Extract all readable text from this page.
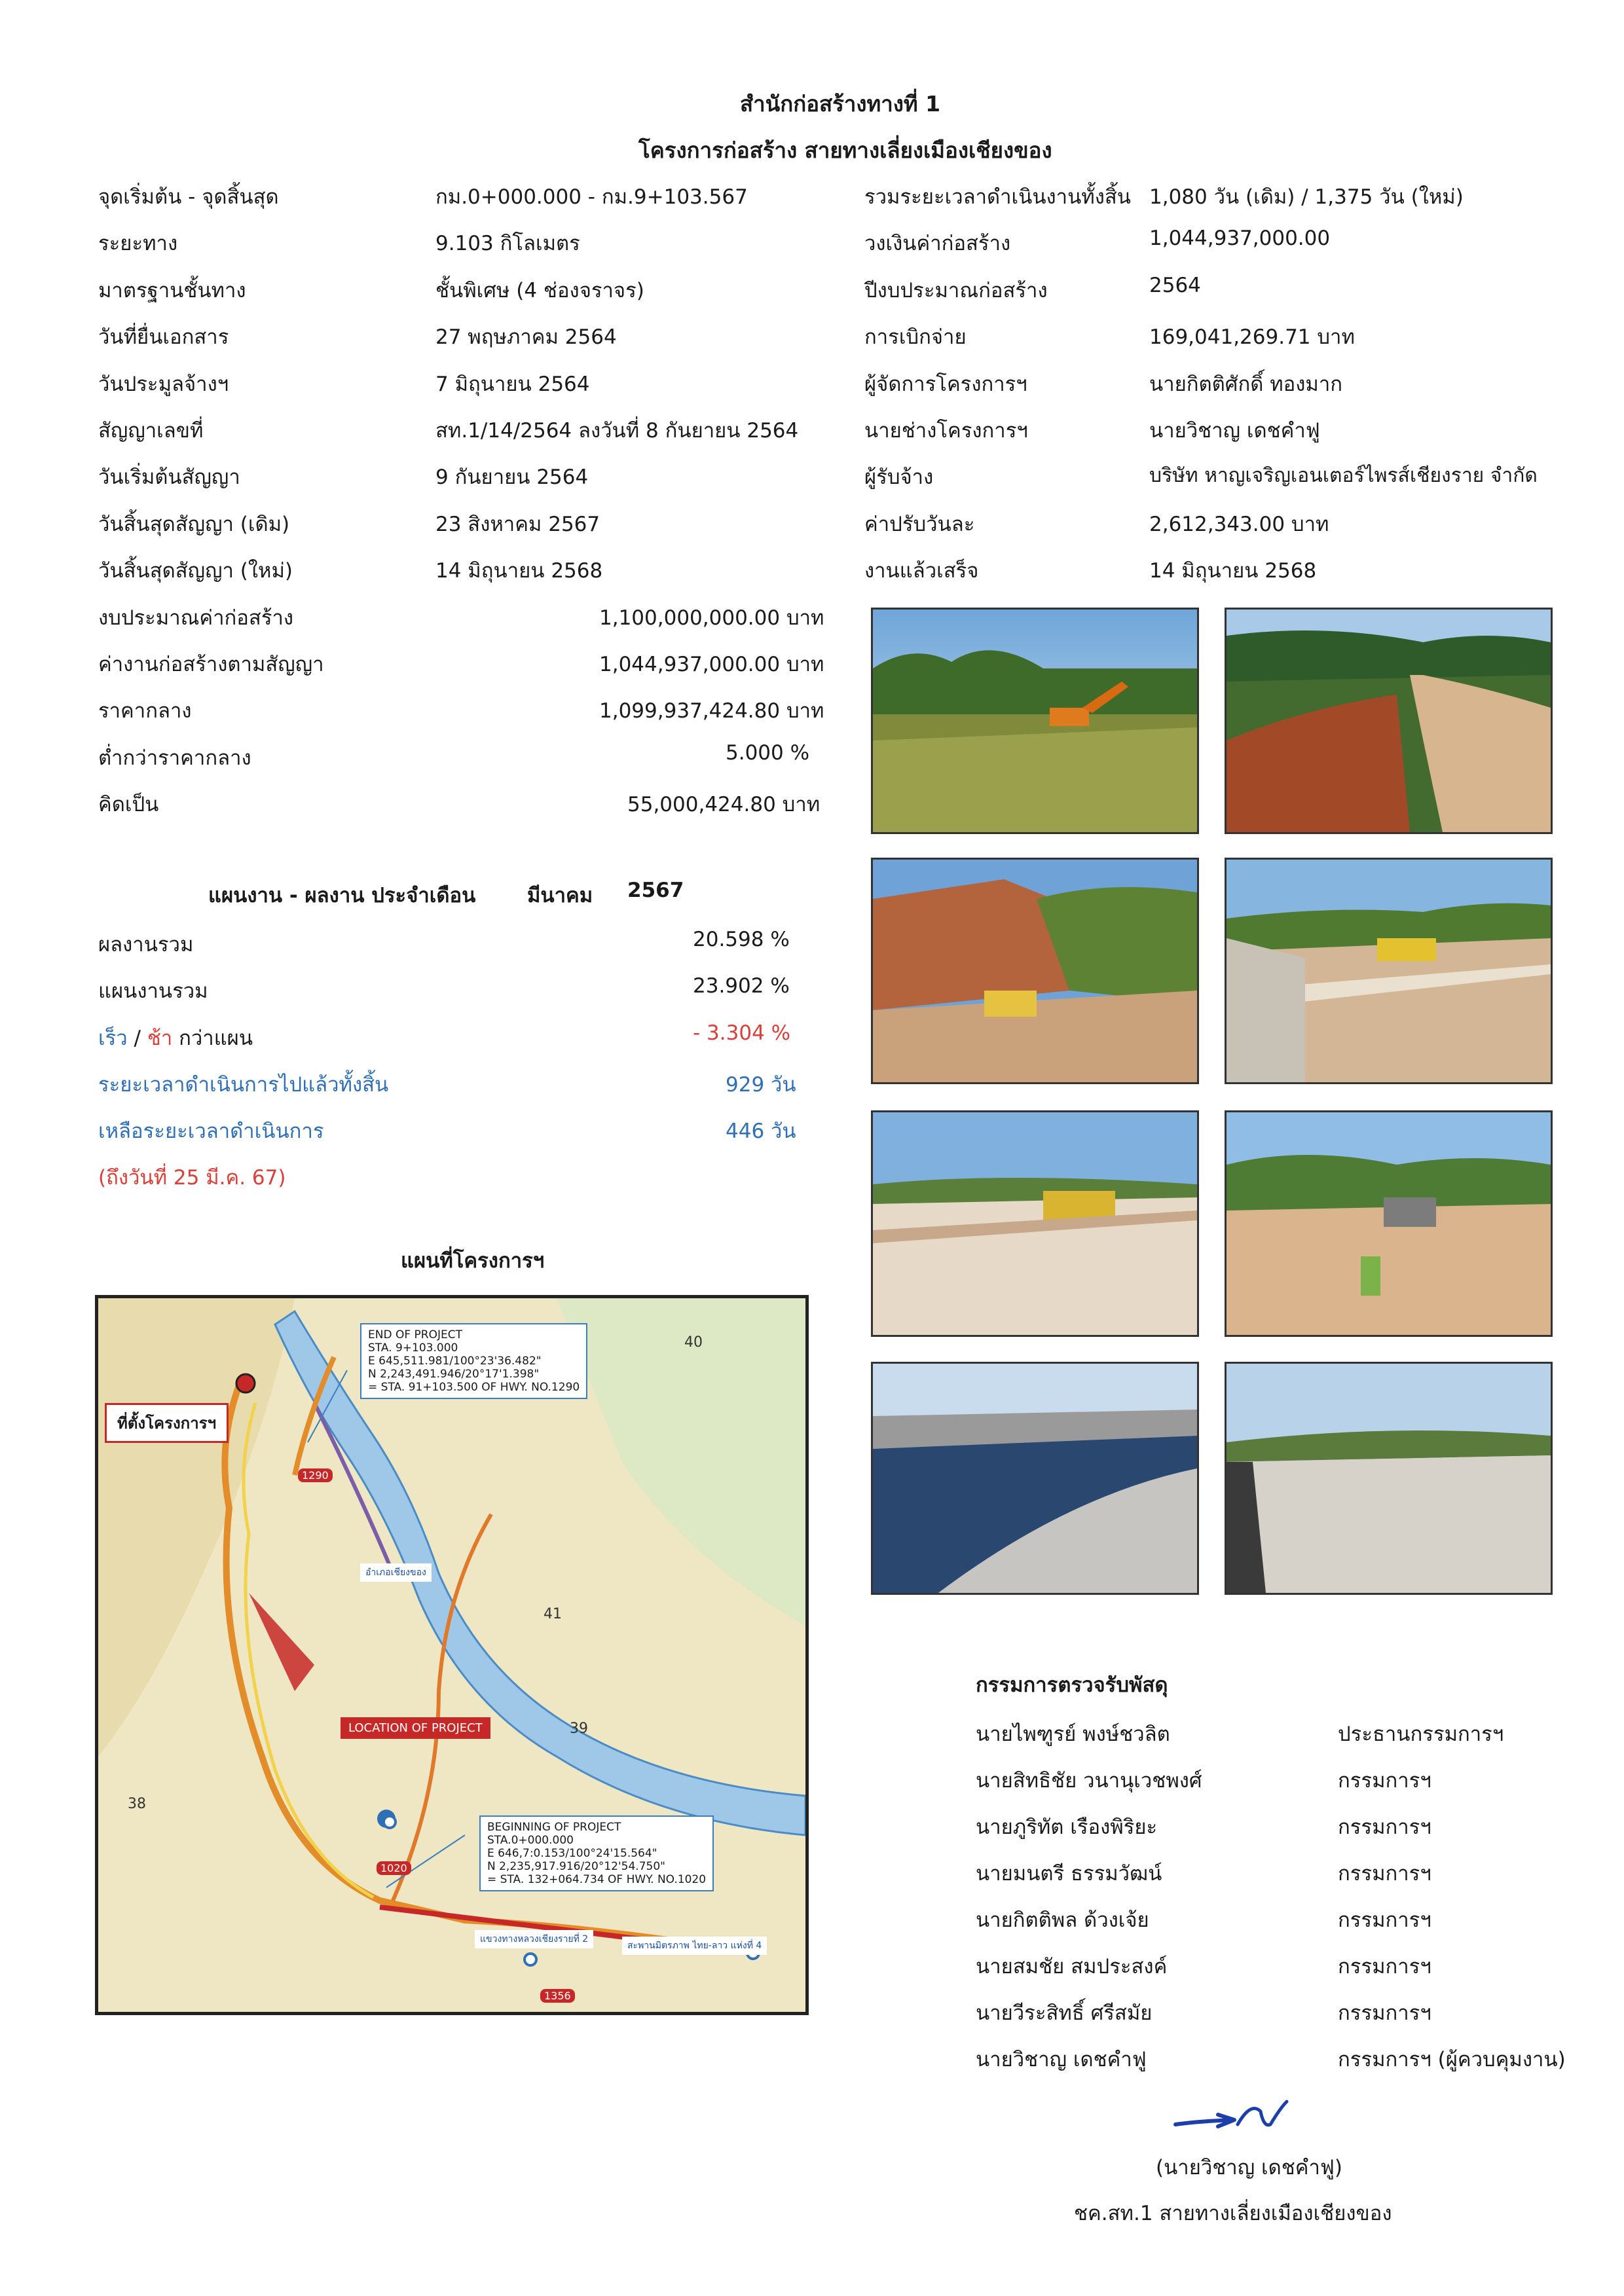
สำนักก่อสร้างทางที่ 1
โครงการก่อสร้าง สายทางเลี่ยงเมืองเชียงของ
จุดเริ่มต้น - จุดสิ้นสุด	กม.0+000.000 - กม.9+103.567
ระยะทาง	9.103 กิโลเมตร
มาตรฐานชั้นทาง	ชั้นพิเศษ (4 ช่องจราจร)
วันที่ยื่นเอกสาร	27 พฤษภาคม 2564
วันประมูลจ้างฯ	7 มิถุนายน 2564
สัญญาเลขที่	สท.1/14/2564 ลงวันที่ 8 กันยายน 2564
วันเริ่มต้นสัญญา	9 กันยายน 2564
วันสิ้นสุดสัญญา (เดิม)	23 สิงหาคม 2567
วันสิ้นสุดสัญญา (ใหม่)	14 มิถุนายน 2568
รวมระยะเวลาดำเนินงานทั้งสิ้น 1,080 วัน (เดิม) / 1,375 วัน (ใหม่)
วงเงินค่าก่อสร้าง	1,044,937,000.00
ปีงบประมาณก่อสร้าง	2564
การเบิกจ่าย	169,041,269.71 บาท
ผู้จัดการโครงการฯ	นายกิตติศักดิ์ ทองมาก
นายช่างโครงการฯ	นายวิชาญ เดชคำฟู
ผู้รับจ้าง	บริษัท หาญเจริญเอนเตอร์ไพรส์เชียงราย จำกัด
ค่าปรับวันละ	2,612,343.00 บาท
งานแล้วเสร็จ	14 มิถุนายน 2568
งบประมาณค่าก่อสร้าง	1,100,000,000.00 บาท
ค่างานก่อสร้างตามสัญญา	1,044,937,000.00 บาท
ราคากลาง	1,099,937,424.80 บาท
ต่ำกว่าราคากลาง	5.000 %
คิดเป็น	55,000,424.80 บาท
แผนงาน - ผลงาน ประจำเดือน	มีนาคม 2567
ผลงานรวม	20.598 %
แผนงานรวม	23.902 %
เร็ว / ช้า กว่าแผน	- 3.304 %
ระยะเวลาดำเนินการไปแล้วทั้งสิ้น	929 วัน
เหลือระยะเวลาดำเนินการ	446 วัน
(ถึงวันที่ 25 มี.ค. 67)
แผนที่โครงการฯ
END OF PROJECT
STA. 9+103.000
E 645,511.981/100°23'36.482"
N 2,243,491.946/20°17'1.398"
= STA. 91+103.500 OF HWY. NO.1290
ที่ตั้งโครงการฯ
LOCATION OF PROJECT
BEGINNING OF PROJECT
STA.0+000.000
E 646,7:0.153/100°24'15.564"
N 2,235,917.916/20°12'54.750"
= STA. 132+064.734 OF HWY. NO.1020
อำเภอเชียงของ
แขวงทางหลวงเชียงรายที่ 2
สะพานมิตรภาพ ไทย-ลาว แห่งที่ 4
1290
1020
1356
41
39
40
38
กรรมการตรวจรับพัสดุ
นายไพฑูรย์ พงษ์ชวลิต	ประธานกรรมการฯ
นายสิทธิชัย วนานุเวชพงศ์	กรรมการฯ
นายภูริทัต เรืองพิริยะ	กรรมการฯ
นายมนตรี ธรรมวัฒน์	กรรมการฯ
นายกิตติพล ด้วงเจ้ย	กรรมการฯ
นายสมชัย สมประสงค์	กรรมการฯ
นายวีระสิทธิ์ ศรีสมัย	กรรมการฯ
นายวิชาญ เดชคำฟู	กรรมการฯ (ผู้ควบคุมงาน)
(นายวิชาญ เดชคำฟู)
ชค.สท.1 สายทางเลี่ยงเมืองเชียงของ
